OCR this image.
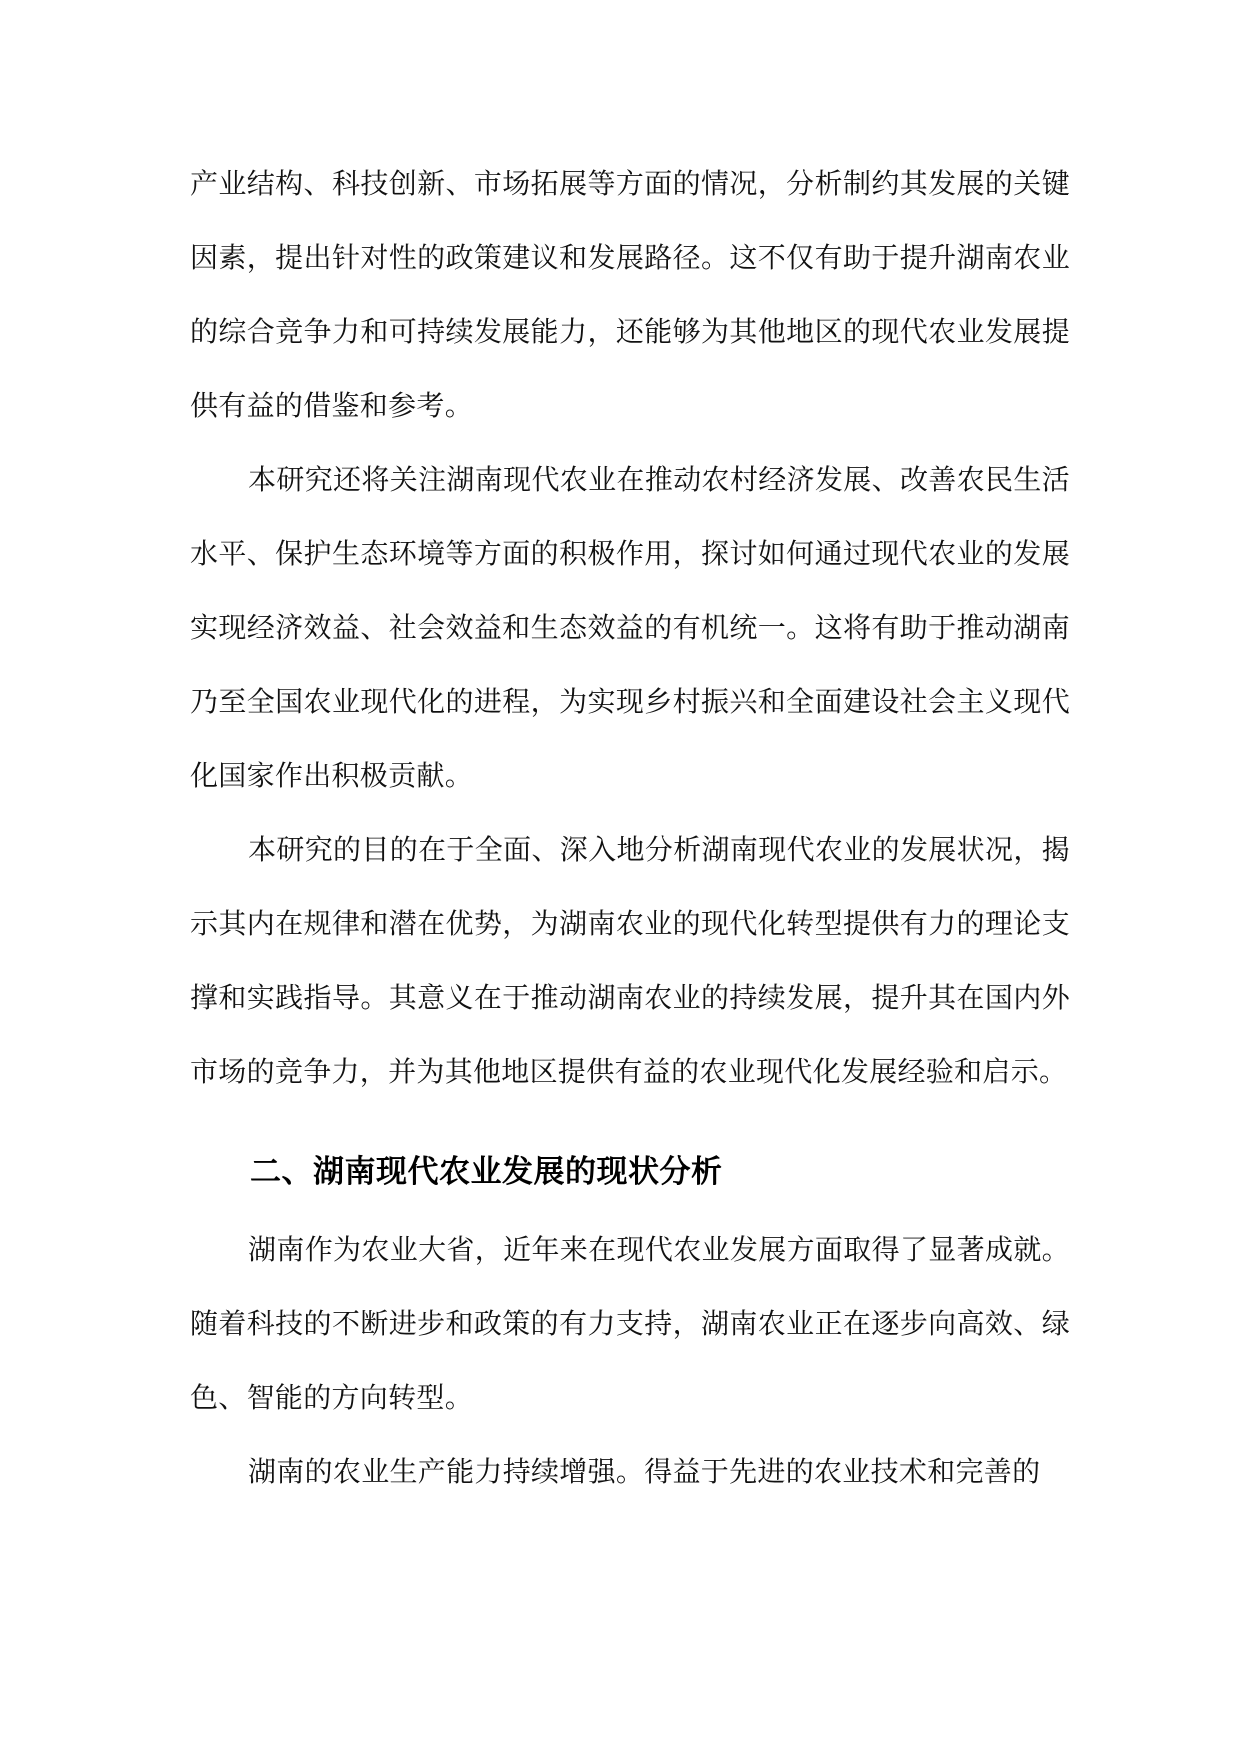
产业结构、科技创新、市场拓展等方面的情况，分析制约其发展的关键因素，提出针对性的政策建议和发展路径。这不仅有助于提升湖南农业的综合竞争力和可持续发展能力，还能够为其他地区的现代农业发展提供有益的借鉴和参考。

本研究还将关注湖南现代农业在推动农村经济发展、改善农民生活水平、保护生态环境等方面的积极作用，探讨如何通过现代农业的发展实现经济效益、社会效益和生态效益的有机统一。这将有助于推动湖南乃至全国农业现代化的进程，为实现乡村振兴和全面建设社会主义现代化国家作出积极贡献。

本研究的目的在于全面、深入地分析湖南现代农业的发展状况，揭示其内在规律和潜在优势，为湖南农业的现代化转型提供有力的理论支撑和实践指导。其意义在于推动湖南农业的持续发展，提升其在国内外市场的竞争力，并为其他地区提供有益的农业现代化发展经验和启示。

二、湖南现代农业发展的现状分析

湖南作为农业大省，近年来在现代农业发展方面取得了显著成就。随着科技的不断进步和政策的有力支持，湖南农业正在逐步向高效、绿色、智能的方向转型。

湖南的农业生产能力持续增强。得益于先进的农业技术和完善的
